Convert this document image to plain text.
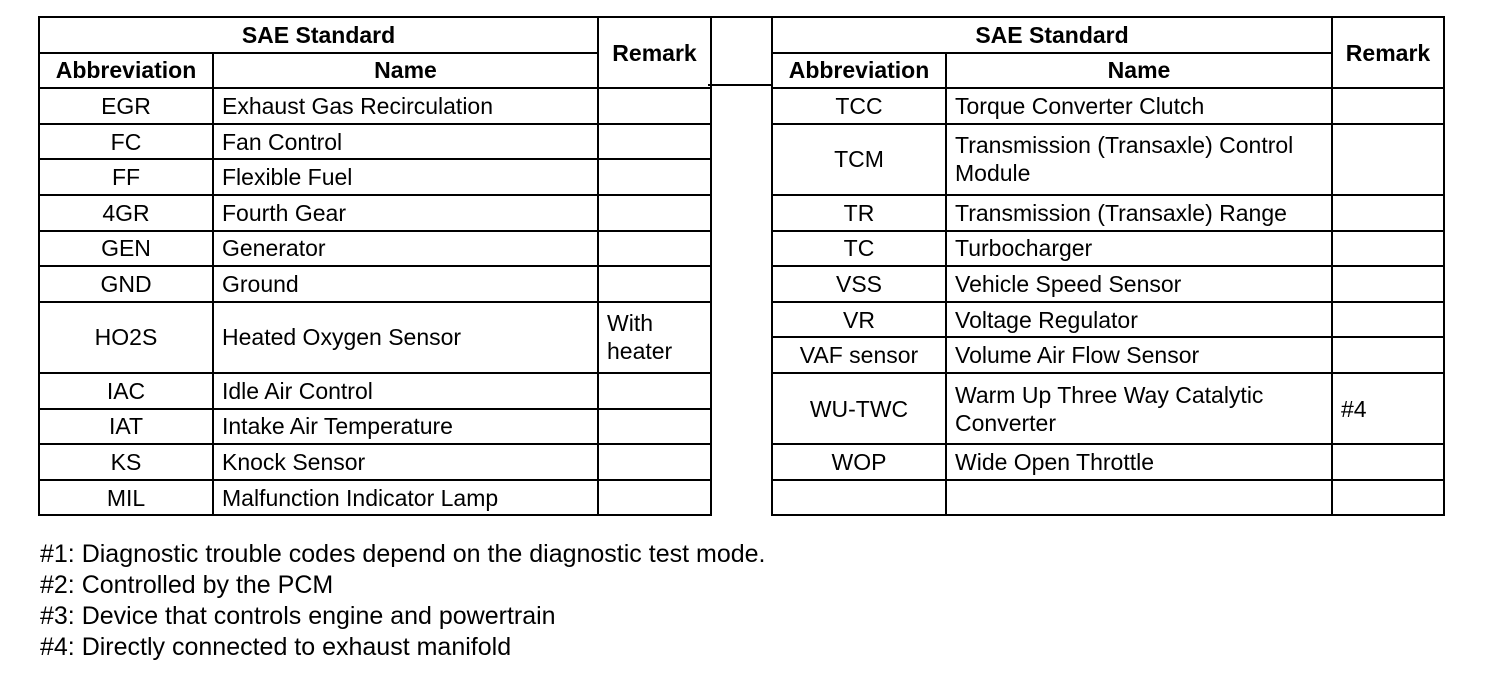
SAE Standard		Remark
Abbreviation	Name	
EGR	Exhaust Gas Recirculation	
FC	Fan Control	
FF	Flexible Fuel	
4GR	Fourth Gear	
GEN	Generator	
GND	Ground	
HO2S	Heated Oxygen Sensor	With heater
IAC	Idle Air Control	
IAT	Intake Air Temperature	
KS	Knock Sensor	
MIL	Malfunction Indicator Lamp	
SAE Standard		Remark
Abbreviation	Name	
TCC	Torque Converter Clutch	
TCM	Transmission (Transaxle) Control Module	
TR	Transmission (Transaxle) Range	
TC	Turbocharger	
VSS	Vehicle Speed Sensor	
VR	Voltage Regulator	
VAF sensor	Volume Air Flow Sensor	
WU-TWC	Warm Up Three Way Catalytic Converter	#4
WOP	Wide Open Throttle	

#1: Diagnostic trouble codes depend on the diagnostic test mode.
#2: Controlled by the PCM
#3: Device that controls engine and powertrain
#4: Directly connected to exhaust manifold
